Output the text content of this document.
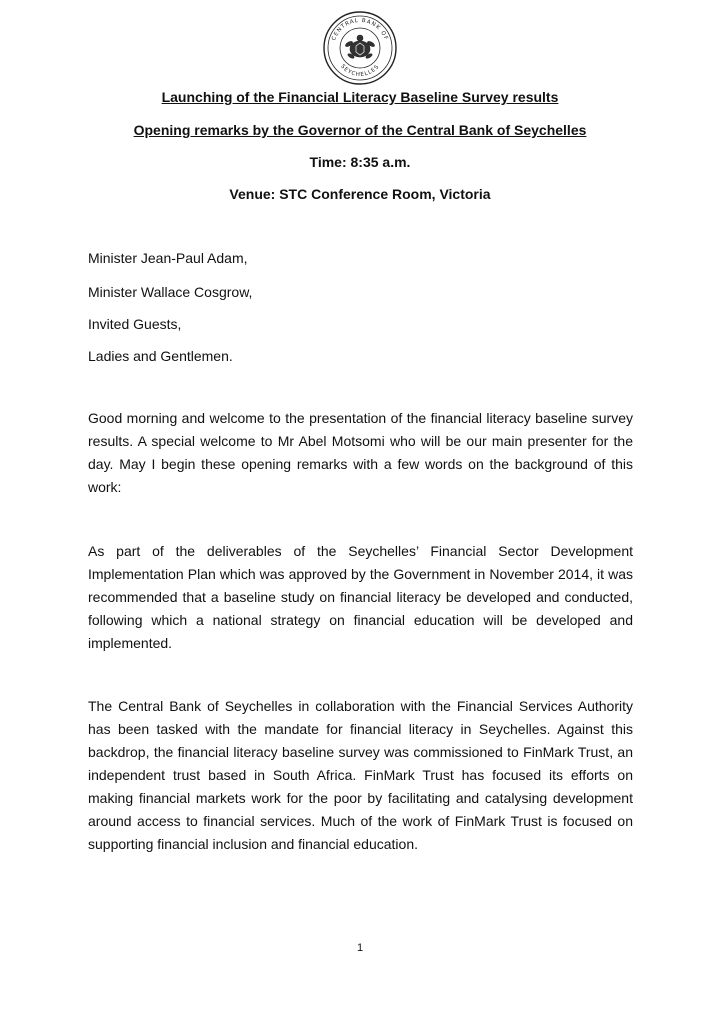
CENTRAL BANK OF
SEYCHELLES

Launching of the Financial Literacy Baseline Survey results

Opening remarks by the Governor of the Central Bank of Seychelles

Time: 8:35 a.m.

Venue: STC Conference Room, Victoria

Minister Jean-Paul Adam,

Minister Wallace Cosgrow,

Invited Guests,

Ladies and Gentlemen.

Good morning and welcome to the presentation of the financial literacy baseline survey results. A special welcome to Mr Abel Motsomi who will be our main presenter for the day. May I begin these opening remarks with a few words on the background of this work:

As part of the deliverables of the Seychelles’ Financial Sector Development Implementation Plan which was approved by the Government in November 2014, it was recommended that a baseline study on financial literacy be developed and conducted, following which a national strategy on financial education will be developed and implemented.

The Central Bank of Seychelles in collaboration with the Financial Services Authority has been tasked with the mandate for financial literacy in Seychelles. Against this backdrop, the financial literacy baseline survey was commissioned to FinMark Trust, an independent trust based in South Africa. FinMark Trust has focused its efforts on making financial markets work for the poor by facilitating and catalysing development around access to financial services. Much of the work of FinMark Trust is focused on supporting financial inclusion and financial education.

1
